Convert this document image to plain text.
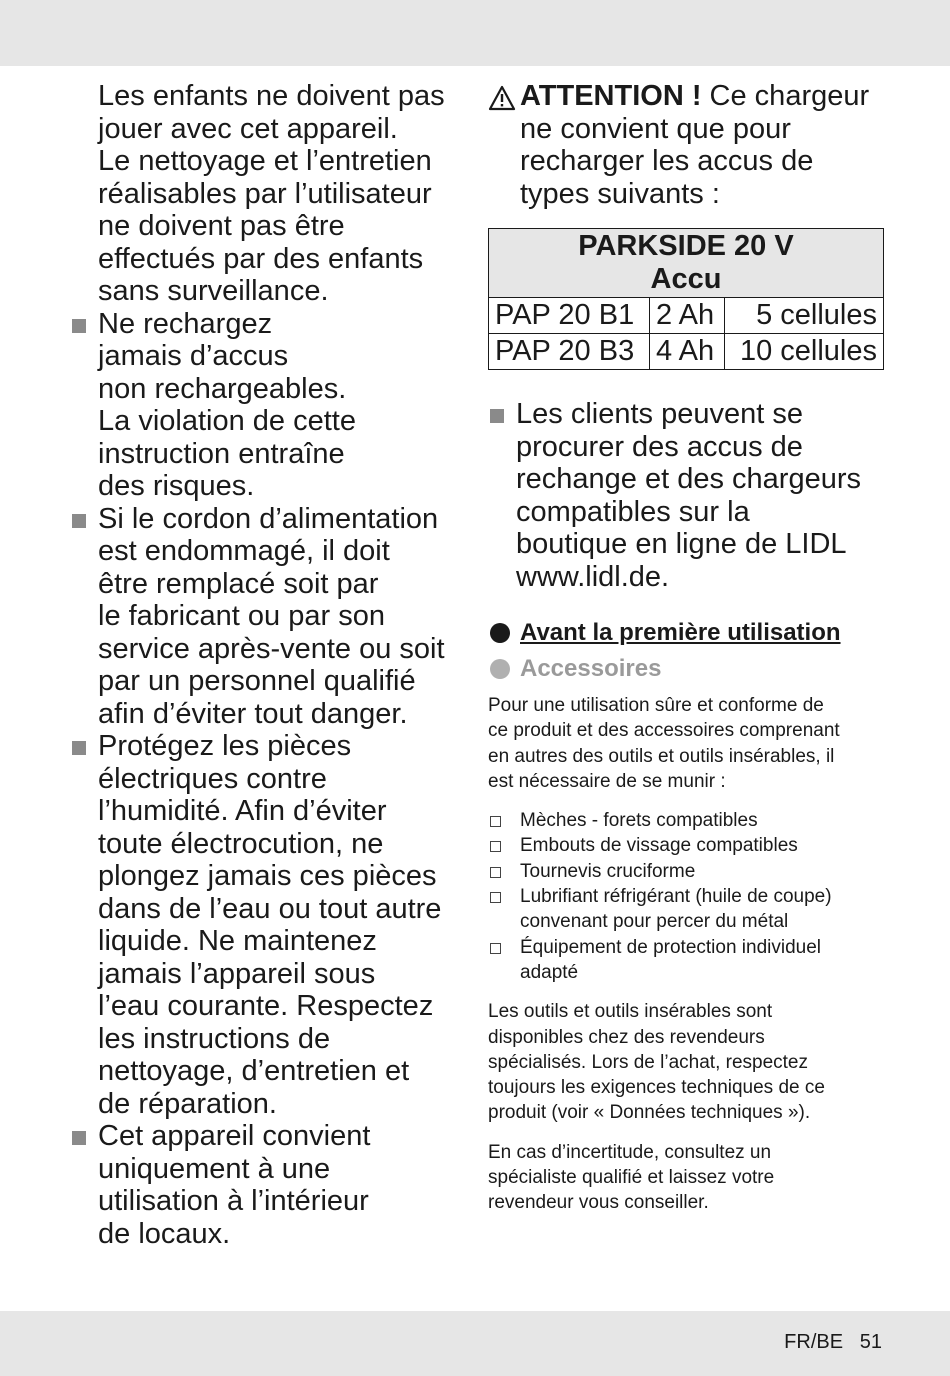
Les enfants ne doivent pas
jouer avec cet appareil.
Le nettoyage et l’entretien
réalisables par l’utilisateur
ne doivent pas être
effectués par des enfants
sans surveillance.
Ne rechargez
jamais d’accus
non rechargeables.
La violation de cette
instruction entraîne
des risques.
Si le cordon d’alimentation
est endommagé, il doit
être remplacé soit par
le fabricant ou par son
service après-vente ou soit
par un personnel qualifié
afin d’éviter tout danger.
Protégez les pièces
électriques contre
l’humidité. Afin d’éviter
toute électrocution, ne
plongez jamais ces pièces
dans de l’eau ou tout autre
liquide. Ne maintenez
jamais l’appareil sous
l’eau courante. Respectez
les instructions de
nettoyage, d’entretien et
de réparation.
Cet appareil convient
uniquement à une
utilisation à l’intérieur
de locaux.
ATTENTION ! Ce chargeur
ne convient que pour
recharger les accus de
types suivants :
PARKSIDE 20 V
Accu		

PAP 20 B1	2 Ah	5 cellules
PAP 20 B3	4 Ah	10 cellules
Les clients peuvent se
procurer des accus de
rechange et des chargeurs
compatibles sur la
boutique en ligne de LIDL
www.lidl.de.
Avant la première utilisation
Accessoires
Pour une utilisation sûre et conforme de
ce produit et des accessoires comprenant
en autres des outils et outils insérables, il
est nécessaire de se munir :
Mèches - forets compatibles
Embouts de vissage compatibles
Tournevis cruciforme
Lubrifiant réfrigérant (huile de coupe)
convenant pour percer du métal
Équipement de protection individuel
adapté
Les outils et outils insérables sont
disponibles chez des revendeurs
spécialisés. Lors de l’achat, respectez
toujours les exigences techniques de ce
produit (voir « Données techniques »).
En cas d’incertitude, consultez un
spécialiste qualifié et laissez votre
revendeur vous conseiller.
FR/BE 51
